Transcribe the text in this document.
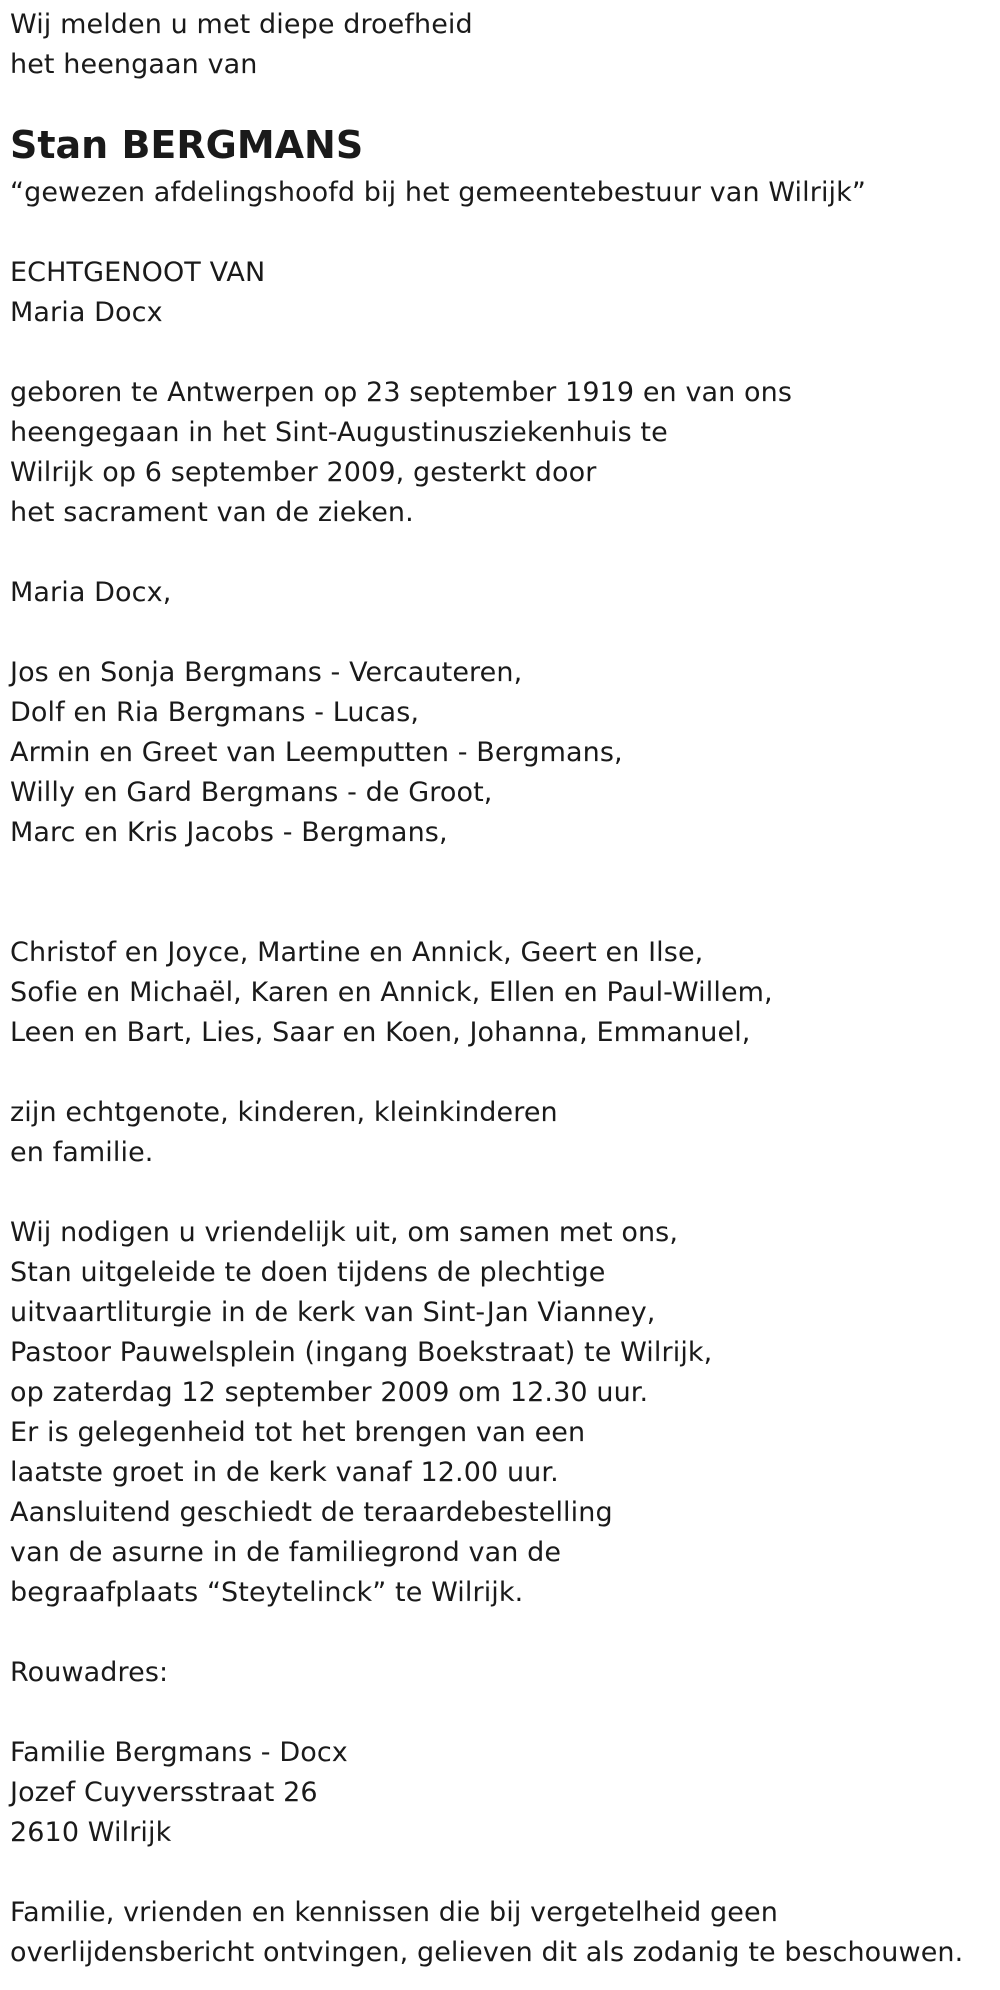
Wij melden u met diepe droefheid

het heengaan van

Stan BERGMANS

“gewezen afdelingshoofd bij het gemeentebestuur van Wilrijk”

ECHTGENOOT VAN

Maria Docx

geboren te Antwerpen op 23 september 1919 en van ons

heengegaan in het Sint-Augustinusziekenhuis te

Wilrijk op 6 september 2009, gesterkt door

het sacrament van de zieken.

Maria Docx,

Jos en Sonja Bergmans - Vercauteren,

Dolf en Ria Bergmans - Lucas,

Armin en Greet van Leemputten - Bergmans,

Willy en Gard Bergmans - de Groot,

Marc en Kris Jacobs - Bergmans,

Christof en Joyce, Martine en Annick, Geert en Ilse,

Sofie en Michaël, Karen en Annick, Ellen en Paul-Willem,

Leen en Bart, Lies, Saar en Koen, Johanna, Emmanuel,

zijn echtgenote, kinderen, kleinkinderen

en familie.

Wij nodigen u vriendelijk uit, om samen met ons,

Stan uitgeleide te doen tijdens de plechtige

uitvaartliturgie in de kerk van Sint-Jan Vianney,

Pastoor Pauwelsplein (ingang Boekstraat) te Wilrijk,

op zaterdag 12 september 2009 om 12.30 uur.

Er is gelegenheid tot het brengen van een

laatste groet in de kerk vanaf 12.00 uur.

Aansluitend geschiedt de teraardebestelling

van de asurne in de familiegrond van de

begraafplaats “Steytelinck” te Wilrijk.

Rouwadres:

Familie Bergmans - Docx

Jozef Cuyversstraat 26

2610 Wilrijk

Familie, vrienden en kennissen die bij vergetelheid geen

overlijdensbericht ontvingen, gelieven dit als zodanig te beschouwen.
